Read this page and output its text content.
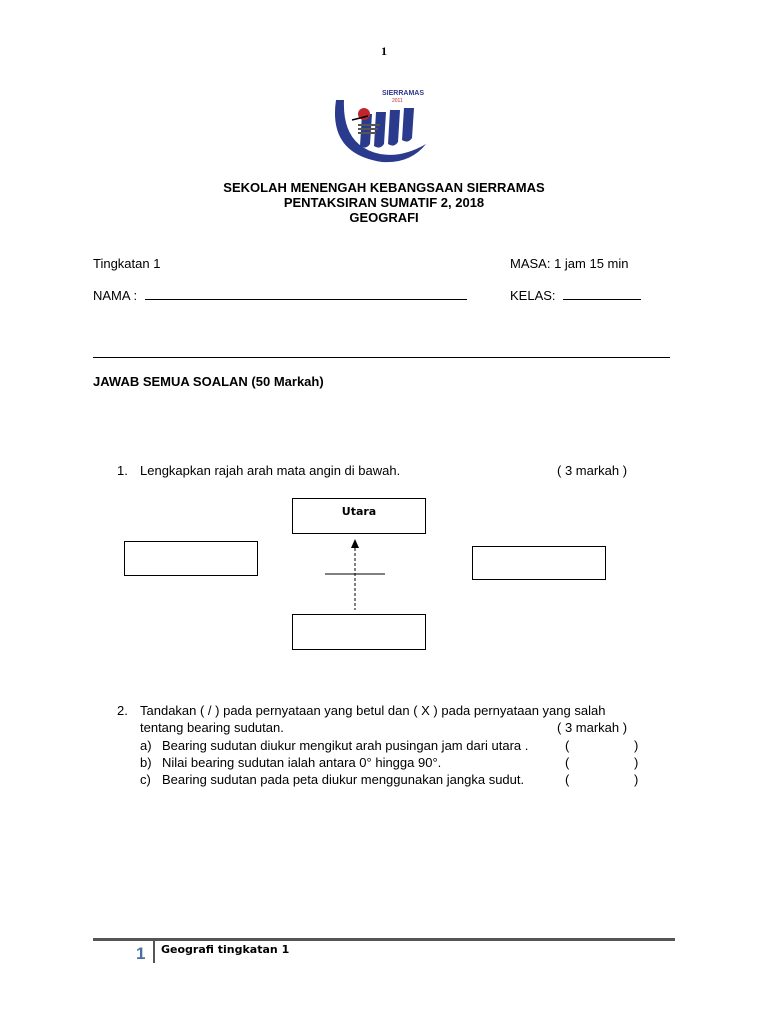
1
SIERRAMAS
2011
SEKOLAH MENENGAH KEBANGSAAN SIERRAMAS
PENTAKSIRAN SUMATIF 2, 2018
GEOGRAFI
Tingkatan 1	MASA: 1 jam 15 min
NAMA :	KELAS:
JAWAB SEMUA SOALAN (50 Markah)
1. Lengkapkan rajah arah mata angin di bawah.	( 3 markah )
Utara
2. Tandakan ( / ) pada pernyataan yang betul dan ( X ) pada pernyataan yang salah
tentang bearing sudutan.	( 3 markah )
a) Bearing sudutan diukur mengikut arah pusingan jam dari utara .	(	)
b) Nilai bearing sudutan ialah antara 0° hingga 90°.	(	)
c) Bearing sudutan pada peta diukur menggunakan jangka sudut.	(	)
1 Geografi tingkatan 1
